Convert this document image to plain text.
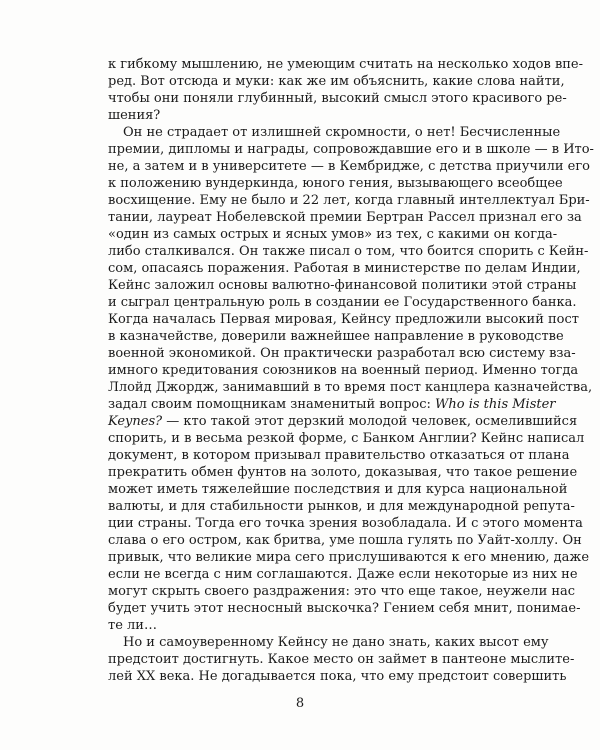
к гибкому мышлению, не умеющим считать на несколько ходов впе-
ред. Вот отсюда и муки: как же им объяснить, какие слова найти,
чтобы они поняли глубинный, высокий смысл этого красивого ре-
шения?
Он не страдает от излишней скромности, о нет! Бесчисленные
премии, дипломы и награды, сопровождавшие его и в школе — в Ито-
не, а затем и в университете — в Кембридже, с детства приучили его
к положению вундеркинда, юного гения, вызывающего всеобщее
восхищение. Ему не было и 22 лет, когда главный интеллектуал Бри-
тании, лауреат Нобелевской премии Бертран Рассел признал его за
«один из самых острых и ясных умов» из тех, с какими он когда-
либо сталкивался. Он также писал о том, что боится спорить с Кейн-
сом, опасаясь поражения. Работая в министерстве по делам Индии,
Кейнс заложил основы валютно-финансовой политики этой страны
и сыграл центральную роль в создании ее Государственного банка.
Когда началась Первая мировая, Кейнсу предложили высокий пост
в казначействе, доверили важнейшее направление в руководстве
военной экономикой. Он практически разработал всю систему вза-
имного кредитования союзников на военный период. Именно тогда
Ллойд Джордж, занимавший в то время пост канцлера казначейства,
задал своим помощникам знаменитый вопрос: Who is this Mister
Keynes? — кто такой этот дерзкий молодой человек, осмелившийся
спорить, и в весьма резкой форме, с Банком Англии? Кейнс написал
документ, в котором призывал правительство отказаться от плана
прекратить обмен фунтов на золото, доказывая, что такое решение
может иметь тяжелейшие последствия и для курса национальной
валюты, и для стабильности рынков, и для международной репута-
ции страны. Тогда его точка зрения возобладала. И с этого момента
слава о его остром, как бритва, уме пошла гулять по Уайт-холлу. Он
привык, что великие мира сего прислушиваются к его мнению, даже
если не всегда с ним соглашаются. Даже если некоторые из них не
могут скрыть своего раздражения: это что еще такое, неужели нас
будет учить этот несносный выскочка? Гением себя мнит, понимае-
те ли…
Но и самоуверенному Кейнсу не дано знать, каких высот ему
предстоит достигнуть. Какое место он займет в пантеоне мыслите-
лей XX века. Не догадывается пока, что ему предстоит совершить
8
